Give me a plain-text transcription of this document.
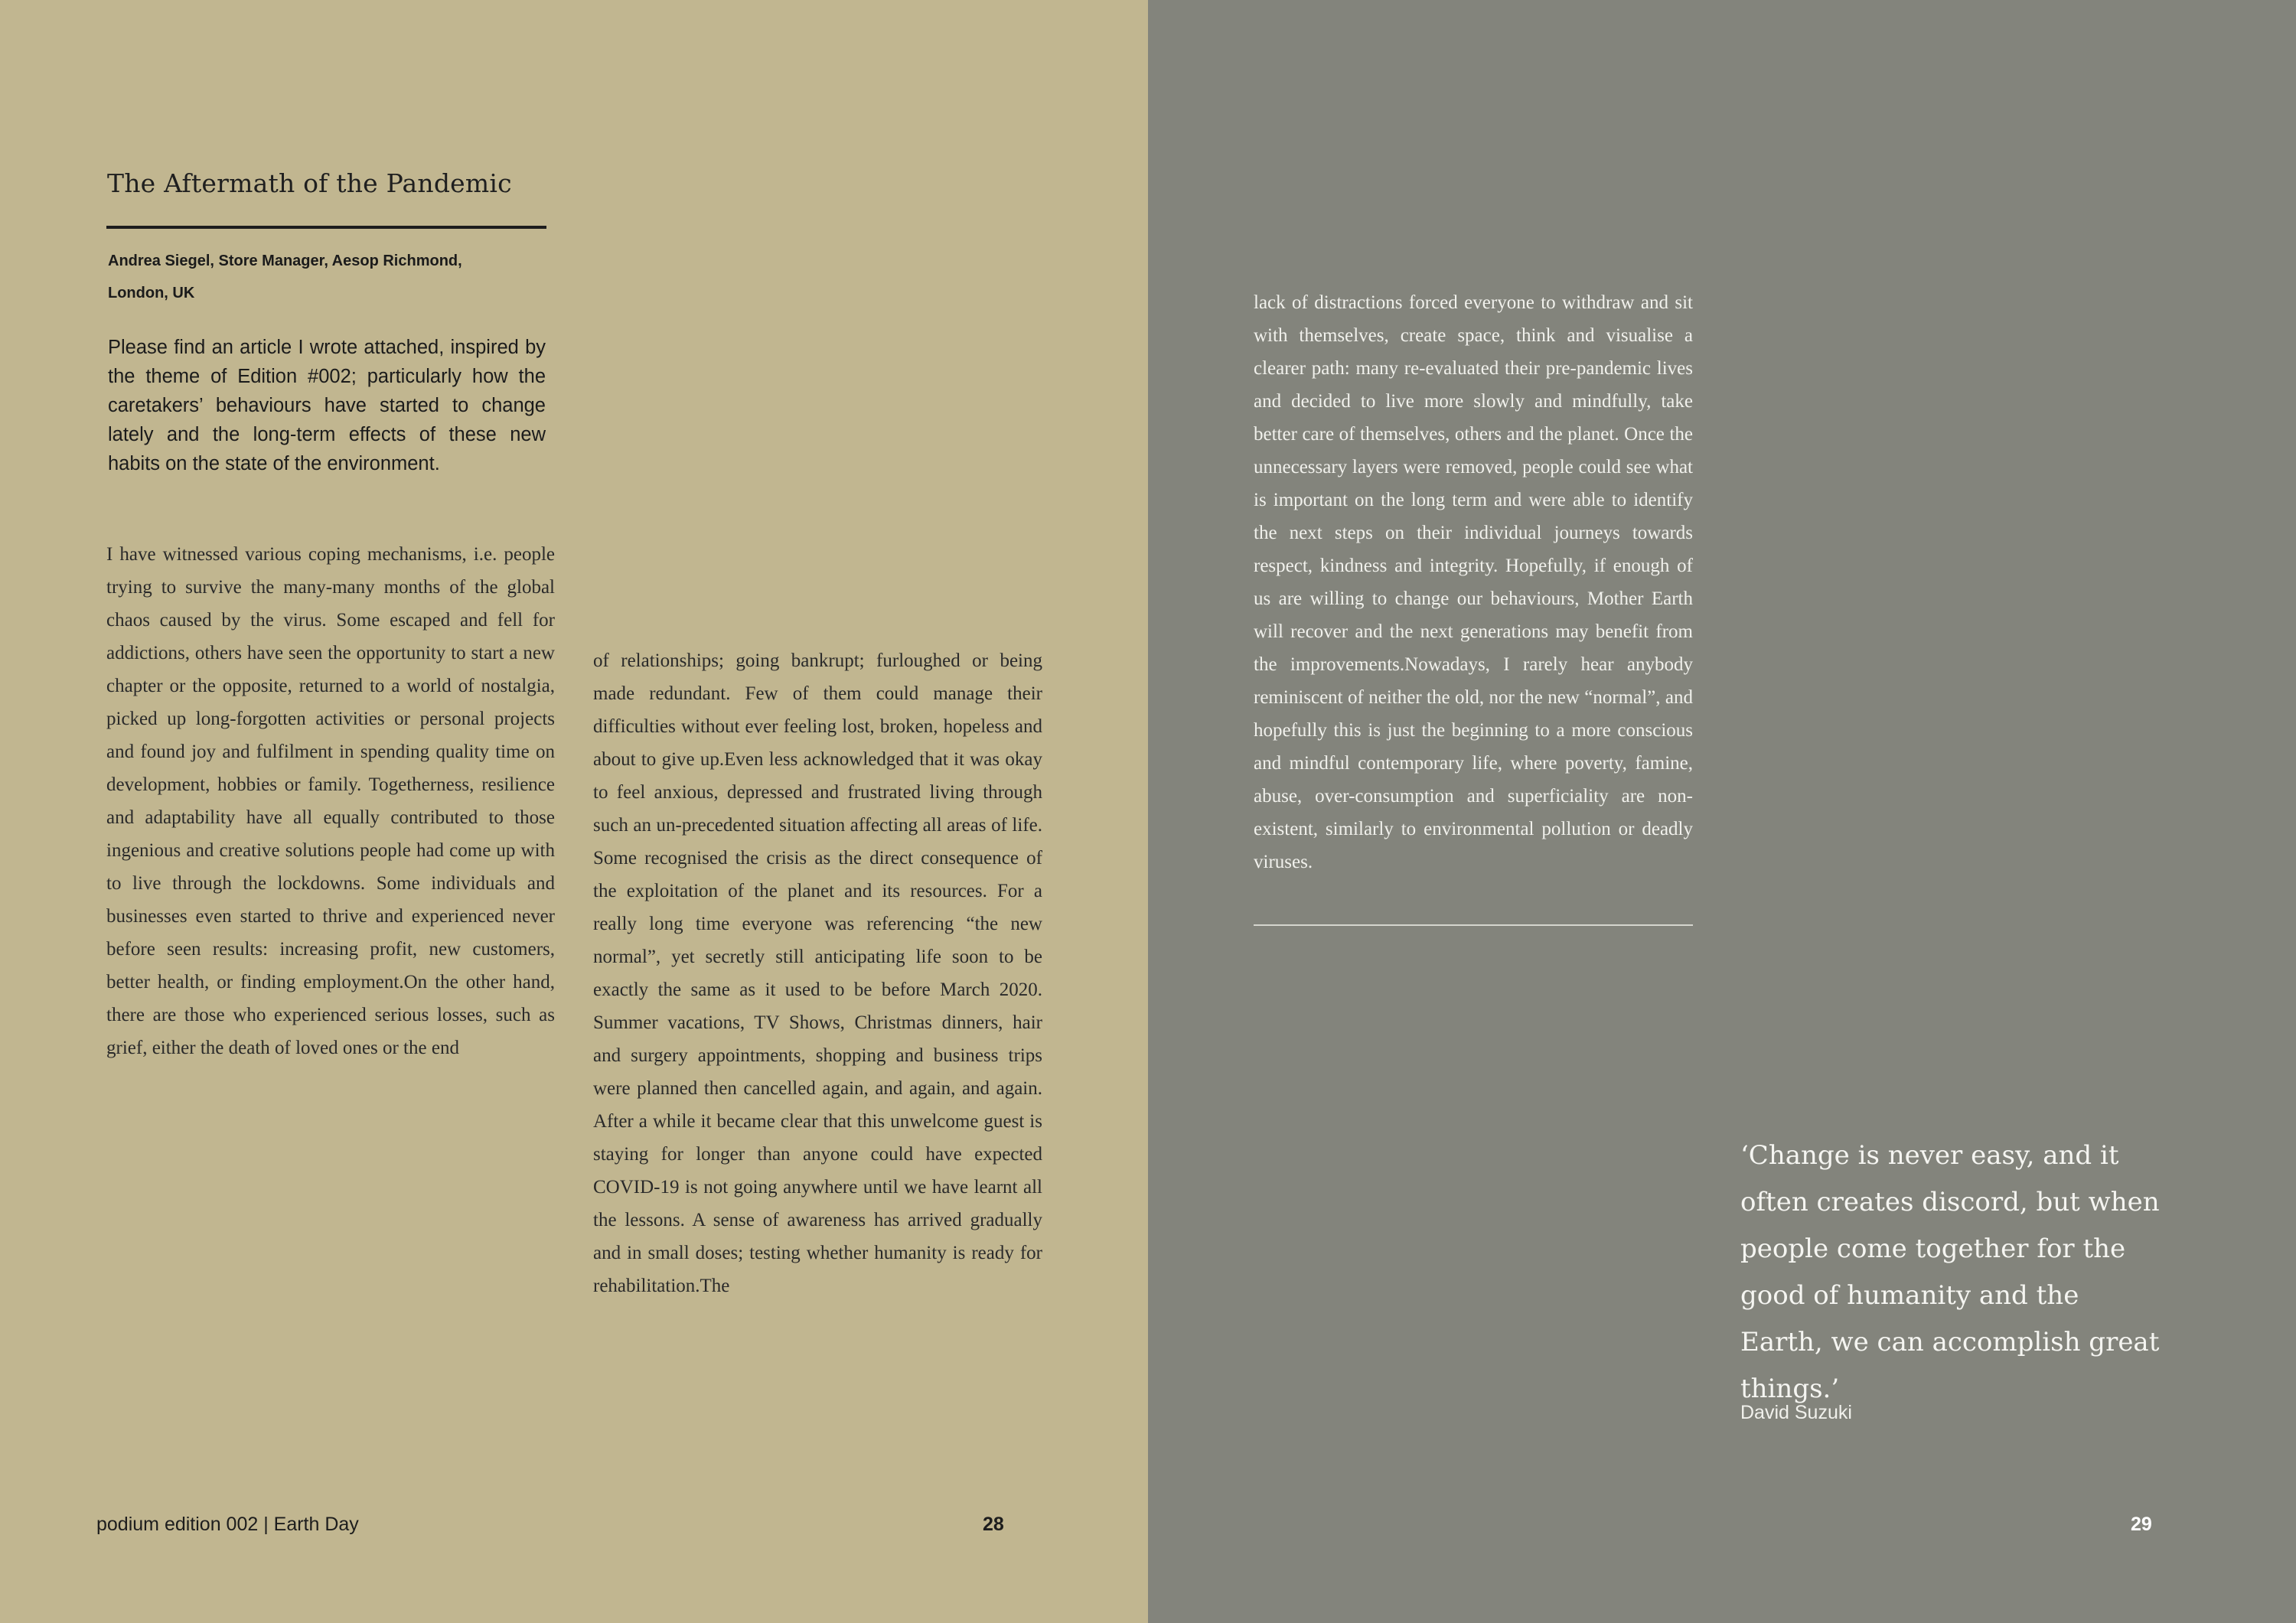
The Aftermath of the Pandemic
Andrea Siegel, Store Manager, Aesop Richmond,
London, UK
Please find an article I wrote attached, inspired by the theme of Edition #002; particularly how the caretakers’ behaviours have started to change lately and the long-term effects of these new habits on the state of the environment.
I have witnessed various coping mechanisms, i.e. people trying to survive the many-many months of the global chaos caused by the virus. Some escaped and fell for addictions, others have seen the opportunity to start a new chapter or the opposite, returned to a world of nostalgia, picked up long-forgotten activities or personal projects and found joy and fulfilment in spending quality time on development, hobbies or family. Togetherness, resilience and adaptability have all equally contributed to those ingenious and creative solutions people had come up with to live through the lockdowns. Some individuals and businesses even started to thrive and experienced never before seen results: increasing profit, new customers, better health, or finding employment.On the other hand, there are those who experienced serious losses, such as grief, either the death of loved ones or the end
of relationships; going bankrupt; furloughed or being made redundant. Few of them could manage their difficulties without ever feeling lost, broken, hopeless and about to give up.Even less acknowledged that it was okay to feel anxious, depressed and frustrated living through such an un-precedented situation affecting all areas of life. Some recognised the crisis as the direct consequence of the exploitation of the planet and its resources. For a really long time everyone was referencing “the new normal”, yet secretly still anticipating life soon to be exactly the same as it used to be before March 2020. Summer vacations, TV Shows, Christmas dinners, hair and surgery appointments, shopping and business trips were planned then cancelled again, and again, and again. After a while it became clear that this unwelcome guest is staying for longer than anyone could have expected COVID-19 is not going anywhere until we have learnt all the lessons. A sense of awareness has arrived gradually and in small doses; testing whether humanity is ready for rehabilitation.The
podium edition 002 | Earth Day	28
lack of distractions forced everyone to withdraw and sit with themselves, create space, think and visualise a clearer path: many re-evaluated their pre-pandemic lives and decided to live more slowly and mindfully, take better care of themselves, others and the planet. Once the unnecessary layers were removed, people could see what is important on the long term and were able to identify the next steps on their individual journeys towards respect, kindness and integrity. Hopefully, if enough of us are willing to change our behaviours, Mother Earth will recover and the next generations may benefit from the improvements.Nowadays, I rarely hear anybody reminiscent of neither the old, nor the new “normal”, and hopefully this is just the beginning to a more conscious and mindful contemporary life, where poverty, famine, abuse, over-consumption and superficiality are non-existent, similarly to environmental pollution or deadly viruses.
‘Change is never easy, and it often creates discord, but when people come together for the good of humanity and the Earth, we can accomplish great things.’
David Suzuki
29
